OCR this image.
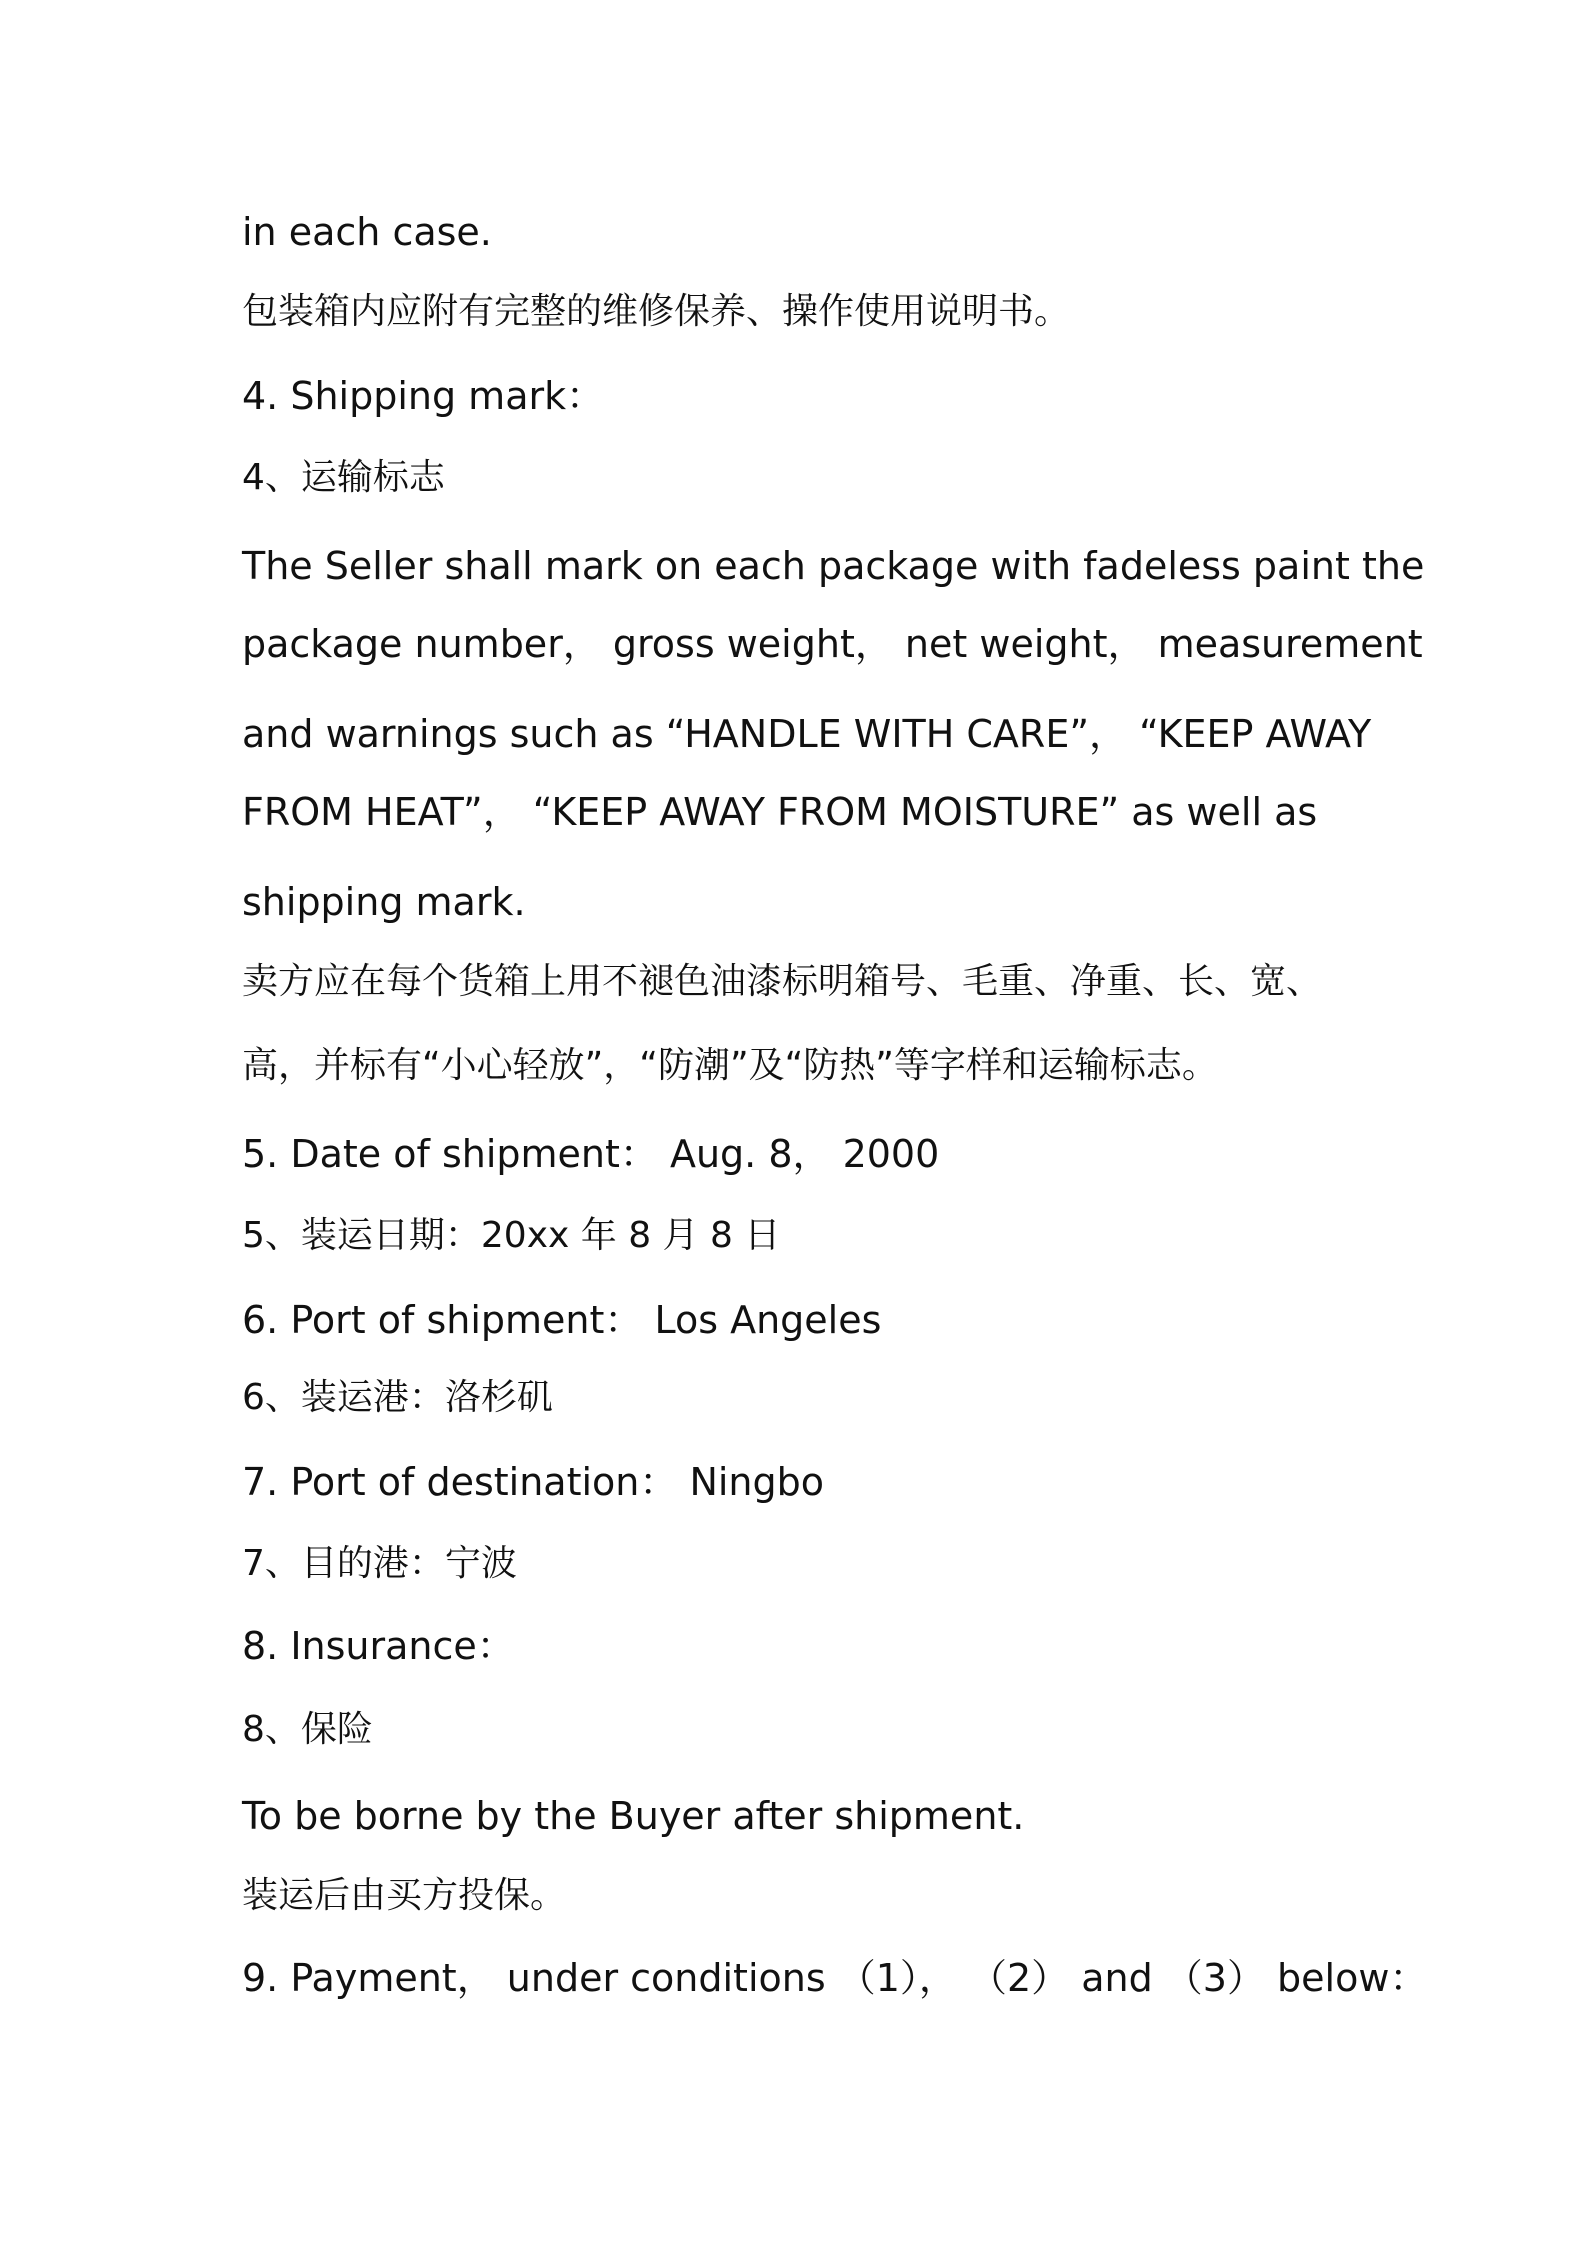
in each case.
包装箱内应附有完整的维修保养、操作使用说明书。
4. Shipping mark：
4、运输标志
The Seller shall mark on each package with fadeless paint the
package number， gross weight， net weight， measurement
and warnings such as “HANDLE WITH CARE”， “KEEP AWAY
FROM HEAT”， “KEEP AWAY FROM MOISTURE” as well as
shipping mark.
卖方应在每个货箱上用不褪色油漆标明箱号、毛重、净重、长、宽、
高，并标有“小心轻放”，“防潮”及“防热”等字样和运输标志。
5. Date of shipment： Aug. 8， 2000
5、装运日期：20xx 年 8 月 8 日
6. Port of shipment： Los Angeles
6、装运港：洛杉矶
7. Port of destination： Ningbo
7、目的港：宁波
8. Insurance：
8、保险
To be borne by the Buyer after shipment.
装运后由买方投保。
9. Payment， under conditions （1）， （2） and （3） below：
